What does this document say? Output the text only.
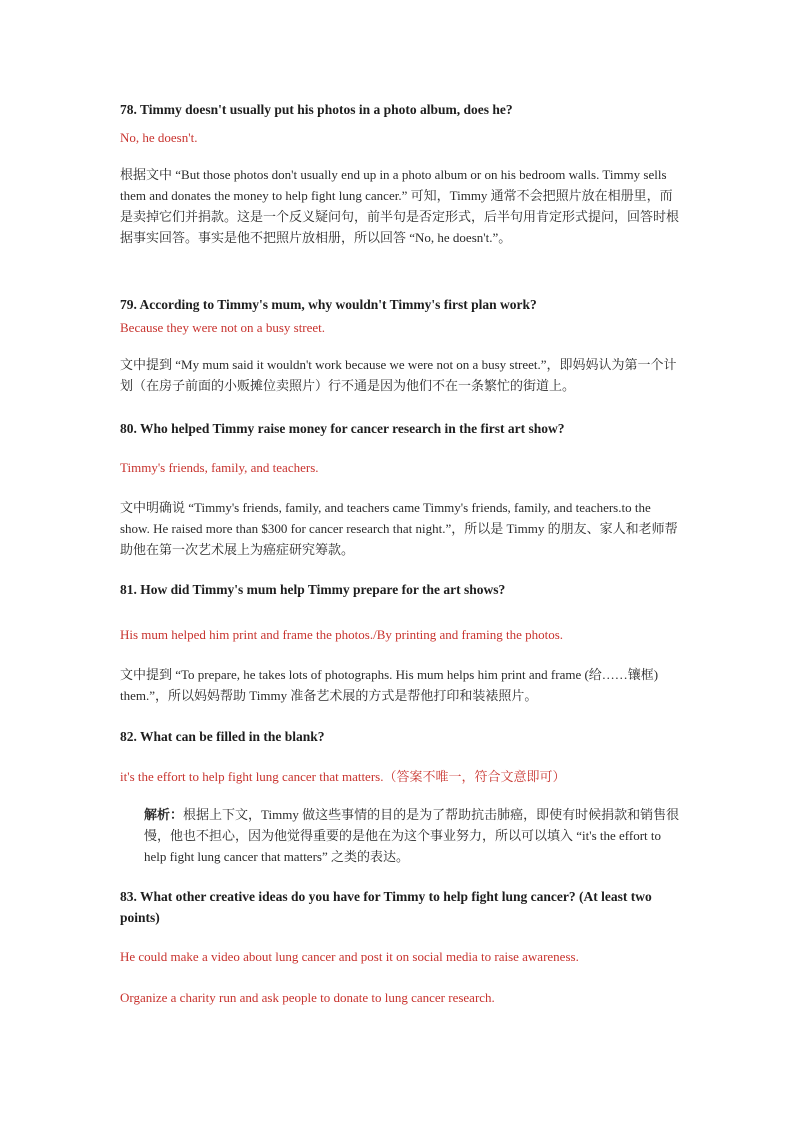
78. Timmy doesn't usually put his photos in a photo album, does he?

No, he doesn't.

根据文中 “But those photos don't usually end up in a photo album or on his bedroom walls. Timmy sells them and donates the money to help fight lung cancer.” 可知，Timmy 通常不会把照片放在相册里，而是卖掉它们并捐款。这是一个反义疑问句，前半句是否定形式，后半句用肯定形式提问，回答时根据事实回答。事实是他不把照片放相册，所以回答 “No, he doesn't.”。

79. According to Timmy's mum, why wouldn't Timmy's first plan work?

Because they were not on a busy street.

文中提到 “My mum said it wouldn't work because we were not on a busy street.”，即妈妈认为第一个计划（在房子前面的小贩摊位卖照片）行不通是因为他们不在一条繁忙的街道上。

80. Who helped Timmy raise money for cancer research in the first art show?

Timmy's friends, family, and teachers.

文中明确说 “Timmy's friends, family, and teachers came Timmy's friends, family, and teachers.to the show. He raised more than $300 for cancer research that night.”，所以是 Timmy 的朋友、家人和老师帮助他在第一次艺术展上为癌症研究筹款。

81. How did Timmy's mum help Timmy prepare for the art shows?

His mum helped him print and frame the photos./By printing and framing the photos.

文中提到 “To prepare, he takes lots of photographs. His mum helps him print and frame (给……镶框) them.”，所以妈妈帮助 Timmy 准备艺术展的方式是帮他打印和装裱照片。

82. What can be filled in the blank?

it's the effort to help fight lung cancer that matters.（答案不唯一，符合文意即可）

解析：根据上下文，Timmy 做这些事情的目的是为了帮助抗击肺癌，即使有时候捐款和销售很慢，他也不担心，因为他觉得重要的是他在为这个事业努力，所以可以填入 “it's the effort to help fight lung cancer that matters” 之类的表达。

83. What other creative ideas do you have for Timmy to help fight lung cancer? (At least two points)

He could make a video about lung cancer and post it on social media to raise awareness.

Organize a charity run and ask people to donate to lung cancer research.
